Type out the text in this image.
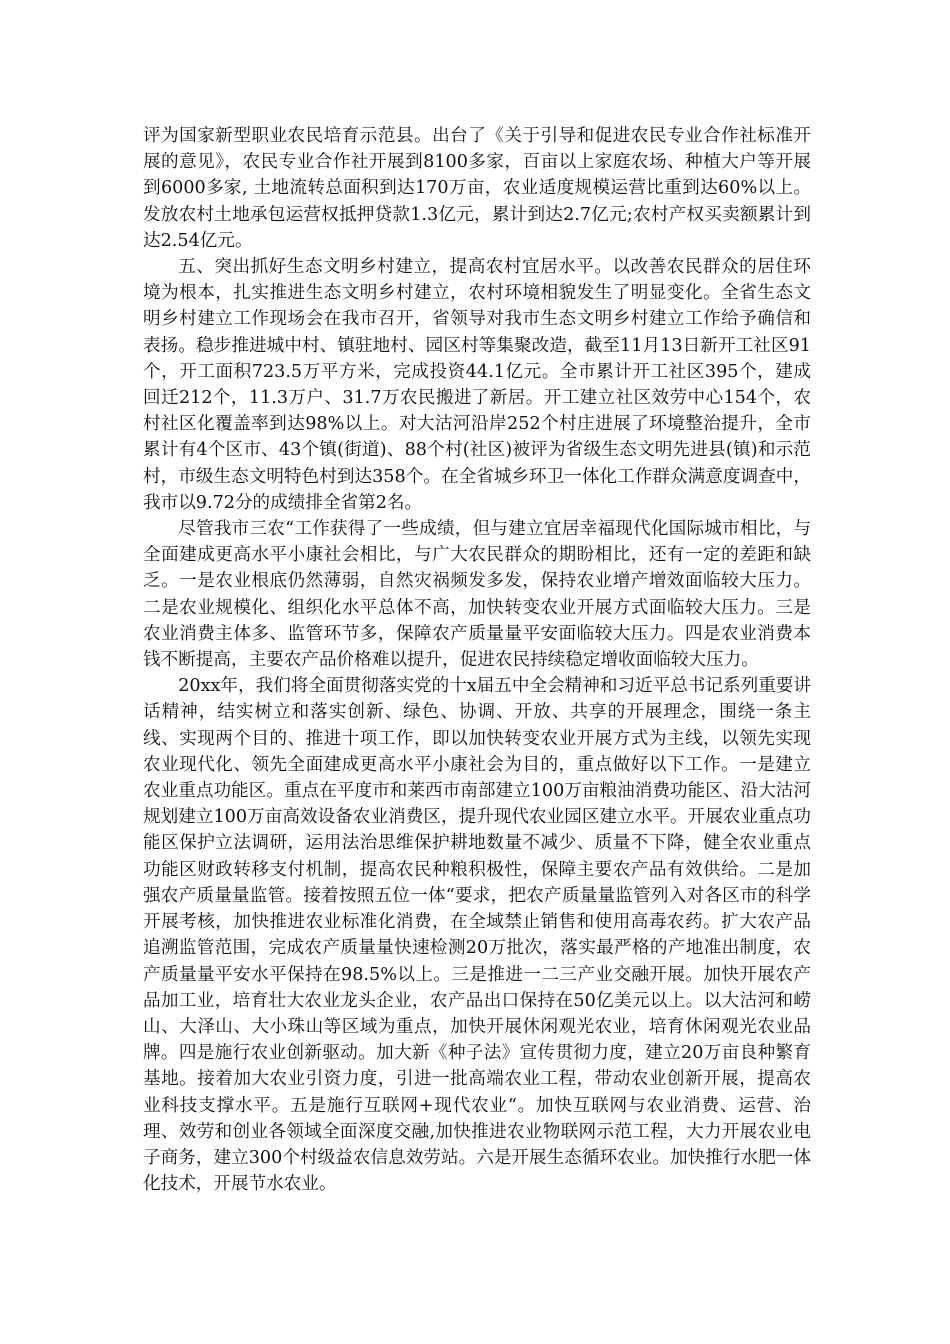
评为国家新型职业农民培育示范县。出台了《关于引导和促进农民专业合作社标准开展的意见》，农民专业合作社开展到8100多家，百亩以上家庭农场、种植大户等开展到6000多家, 土地流转总面积到达170万亩，农业适度规模运营比重到达60%以上。发放农村土地承包运营权抵押贷款1.3亿元，累计到达2.7亿元;农村产权买卖额累计到达2.54亿元。

五、突出抓好生态文明乡村建立，提高农村宜居水平。以改善农民群众的居住环境为根本，扎实推进生态文明乡村建立，农村环境相貌发生了明显变化。全省生态文明乡村建立工作现场会在我市召开，省领导对我市生态文明乡村建立工作给予确信和表扬。稳步推进城中村、镇驻地村、园区村等集聚改造，截至11月13日新开工社区91个，开工面积723.5万平方米，完成投资44.1亿元。全市累计开工社区395个，建成回迁212个，11.3万户、31.7万农民搬进了新居。开工建立社区效劳中心154个，农村社区化覆盖率到达98%以上。对大沽河沿岸252个村庄进展了环境整治提升，全市累计有4个区市、43个镇(街道)、88个村(社区)被评为省级生态文明先进县(镇)和示范村，市级生态文明特色村到达358个。在全省城乡环卫一体化工作群众满意度调查中，我市以9.72分的成绩排全省第2名。

尽管我市三农“工作获得了一些成绩，但与建立宜居幸福现代化国际城市相比，与全面建成更高水平小康社会相比，与广大农民群众的期盼相比，还有一定的差距和缺乏。一是农业根底仍然薄弱，自然灾祸频发多发，保持农业增产增效面临较大压力。二是农业规模化、组织化水平总体不高，加快转变农业开展方式面临较大压力。三是农业消费主体多、监管环节多，保障农产质量量平安面临较大压力。四是农业消费本钱不断提高，主要农产品价格难以提升，促进农民持续稳定增收面临较大压力。

20xx年，我们将全面贯彻落实党的十x届五中全会精神和习近平总书记系列重要讲话精神，结实树立和落实创新、绿色、协调、开放、共享的开展理念，围绕一条主线、实现两个目的、推进十项工作，即以加快转变农业开展方式为主线，以领先实现农业现代化、领先全面建成更高水平小康社会为目的，重点做好以下工作。一是建立农业重点功能区。重点在平度市和莱西市南部建立100万亩粮油消费功能区、沿大沽河规划建立100万亩高效设备农业消费区，提升现代农业园区建立水平。开展农业重点功能区保护立法调研，运用法治思维保护耕地数量不减少、质量不下降，健全农业重点功能区财政转移支付机制，提高农民种粮积极性，保障主要农产品有效供给。二是加强农产质量量监管。接着按照五位一体“要求，把农产质量量监管列入对各区市的科学开展考核，加快推进农业标准化消费，在全域禁止销售和使用高毒农药。扩大农产品追溯监管范围，完成农产质量量快速检测20万批次，落实最严格的产地准出制度，农产质量量平安水平保持在98.5%以上。三是推进一二三产业交融开展。加快开展农产品加工业，培育壮大农业龙头企业，农产品出口保持在50亿美元以上。以大沽河和崂山、大泽山、大小珠山等区域为重点，加快开展休闲观光农业，培育休闲观光农业品牌。四是施行农业创新驱动。加大新《种子法》宣传贯彻力度，建立20万亩良种繁育基地。接着加大农业引资力度，引进一批高端农业工程，带动农业创新开展，提高农业科技支撑水平。五是施行互联网+现代农业“。加快互联网与农业消费、运营、治理、效劳和创业各领域全面深度交融,加快推进农业物联网示范工程，大力开展农业电子商务，建立300个村级益农信息效劳站。六是开展生态循环农业。加快推行水肥一体化技术，开展节水农业。
